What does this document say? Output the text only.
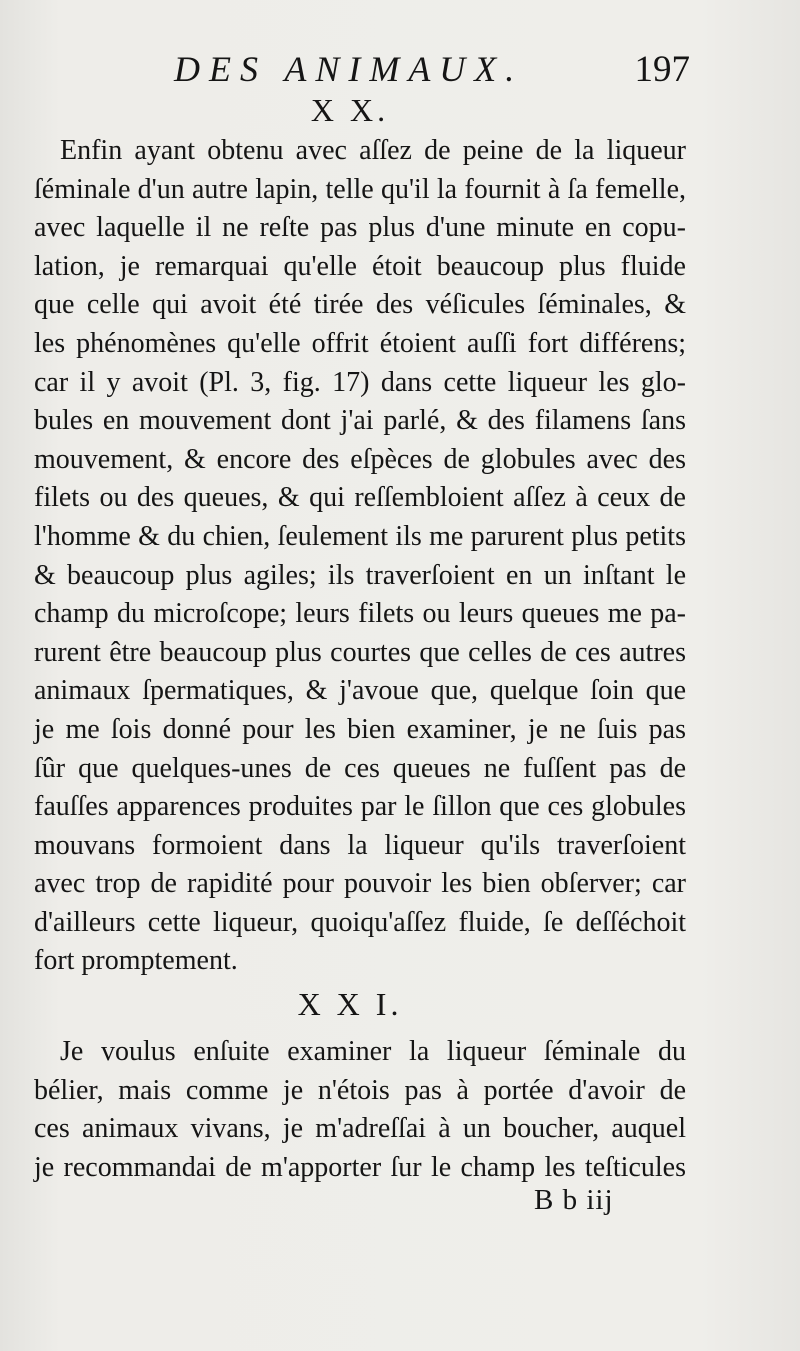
DES ANIMAUX.	197
X X.
Enfin ayant obtenu avec aſſez de peine de la liqueur
ſéminale d'un autre lapin, telle qu'il la fournit à ſa femelle,
avec laquelle il ne reſte pas plus d'une minute en copu-
lation, je remarquai qu'elle étoit beaucoup plus fluide
que celle qui avoit été tirée des véſicules ſéminales, &
les phénomènes qu'elle offrit étoient auſſi fort différens;
car il y avoit (Pl. 3, fig. 17) dans cette liqueur les glo-
bules en mouvement dont j'ai parlé, & des filamens ſans
mouvement, & encore des eſpèces de globules avec des
filets ou des queues, & qui reſſembloient aſſez à ceux de
l'homme & du chien, ſeulement ils me parurent plus petits
& beaucoup plus agiles; ils traverſoient en un inſtant le
champ du microſcope; leurs filets ou leurs queues me pa-
rurent être beaucoup plus courtes que celles de ces autres
animaux ſpermatiques, & j'avoue que, quelque ſoin que
je me ſois donné pour les bien examiner, je ne ſuis pas
ſûr que quelques-unes de ces queues ne fuſſent pas de
fauſſes apparences produites par le ſillon que ces globules
mouvans formoient dans la liqueur qu'ils traverſoient
avec trop de rapidité pour pouvoir les bien obſerver; car
d'ailleurs cette liqueur, quoiqu'aſſez fluide, ſe deſſéchoit
fort promptement.
X X I.
Je voulus enſuite examiner la liqueur ſéminale du
bélier, mais comme je n'étois pas à portée d'avoir de
ces animaux vivans, je m'adreſſai à un boucher, auquel
je recommandai de m'apporter ſur le champ les teſticules
B b iij
